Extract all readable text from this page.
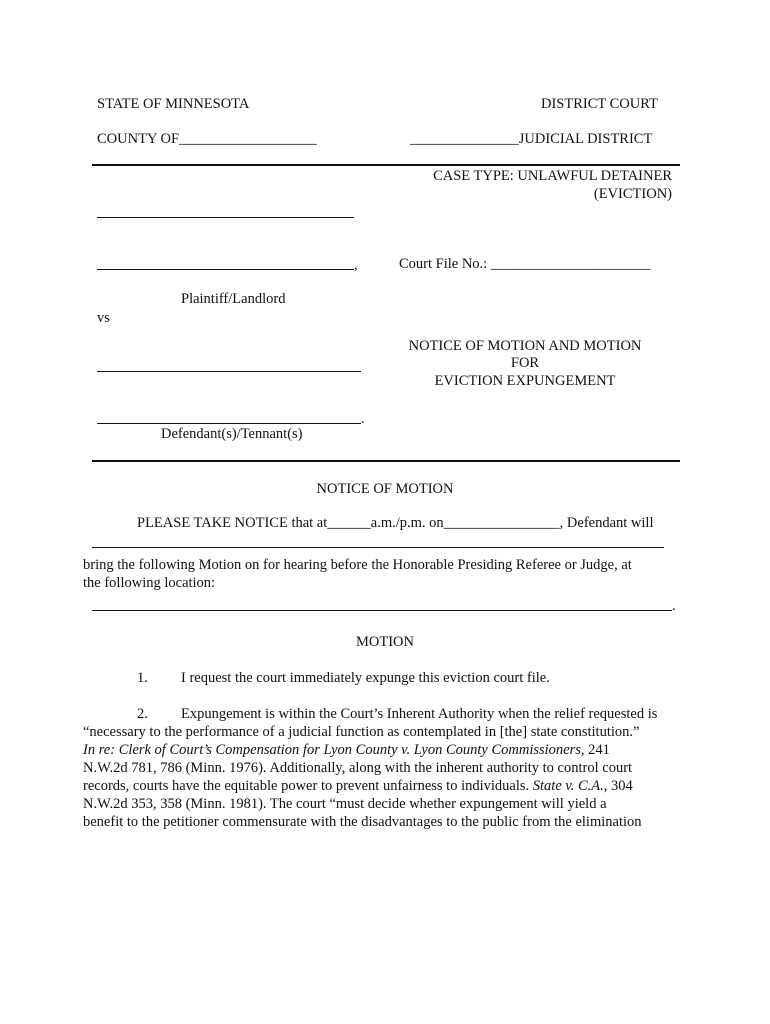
STATE OF MINNESOTA	DISTRICT COURT
COUNTY OF___________________	_______________JUDICIAL DISTRICT
CASE TYPE: UNLAWFUL DETAINER
(EVICTION)
,	Court File No.: ______________________
Plaintiff/Landlord
vs
NOTICE OF MOTION AND MOTION
FOR
EVICTION EXPUNGEMENT
.
Defendant(s)/Tennant(s)
NOTICE OF MOTION
PLEASE TAKE NOTICE that at______a.m./p.m. on________________, Defendant will
bring the following Motion on for hearing before the Honorable Presiding Referee or Judge, at
the following location:
.
MOTION
1. I request the court immediately expunge this eviction court file.
2. Expungement is within the Court’s Inherent Authority when the relief requested is
“necessary to the performance of a judicial function as contemplated in [the] state constitution.”
In re: Clerk of Court’s Compensation for Lyon County v. Lyon County Commissioners, 241
N.W.2d 781, 786 (Minn. 1976). Additionally, along with the inherent authority to control court
records, courts have the equitable power to prevent unfairness to individuals. State v. C.A., 304
N.W.2d 353, 358 (Minn. 1981). The court “must decide whether expungement will yield a
benefit to the petitioner commensurate with the disadvantages to the public from the elimination
